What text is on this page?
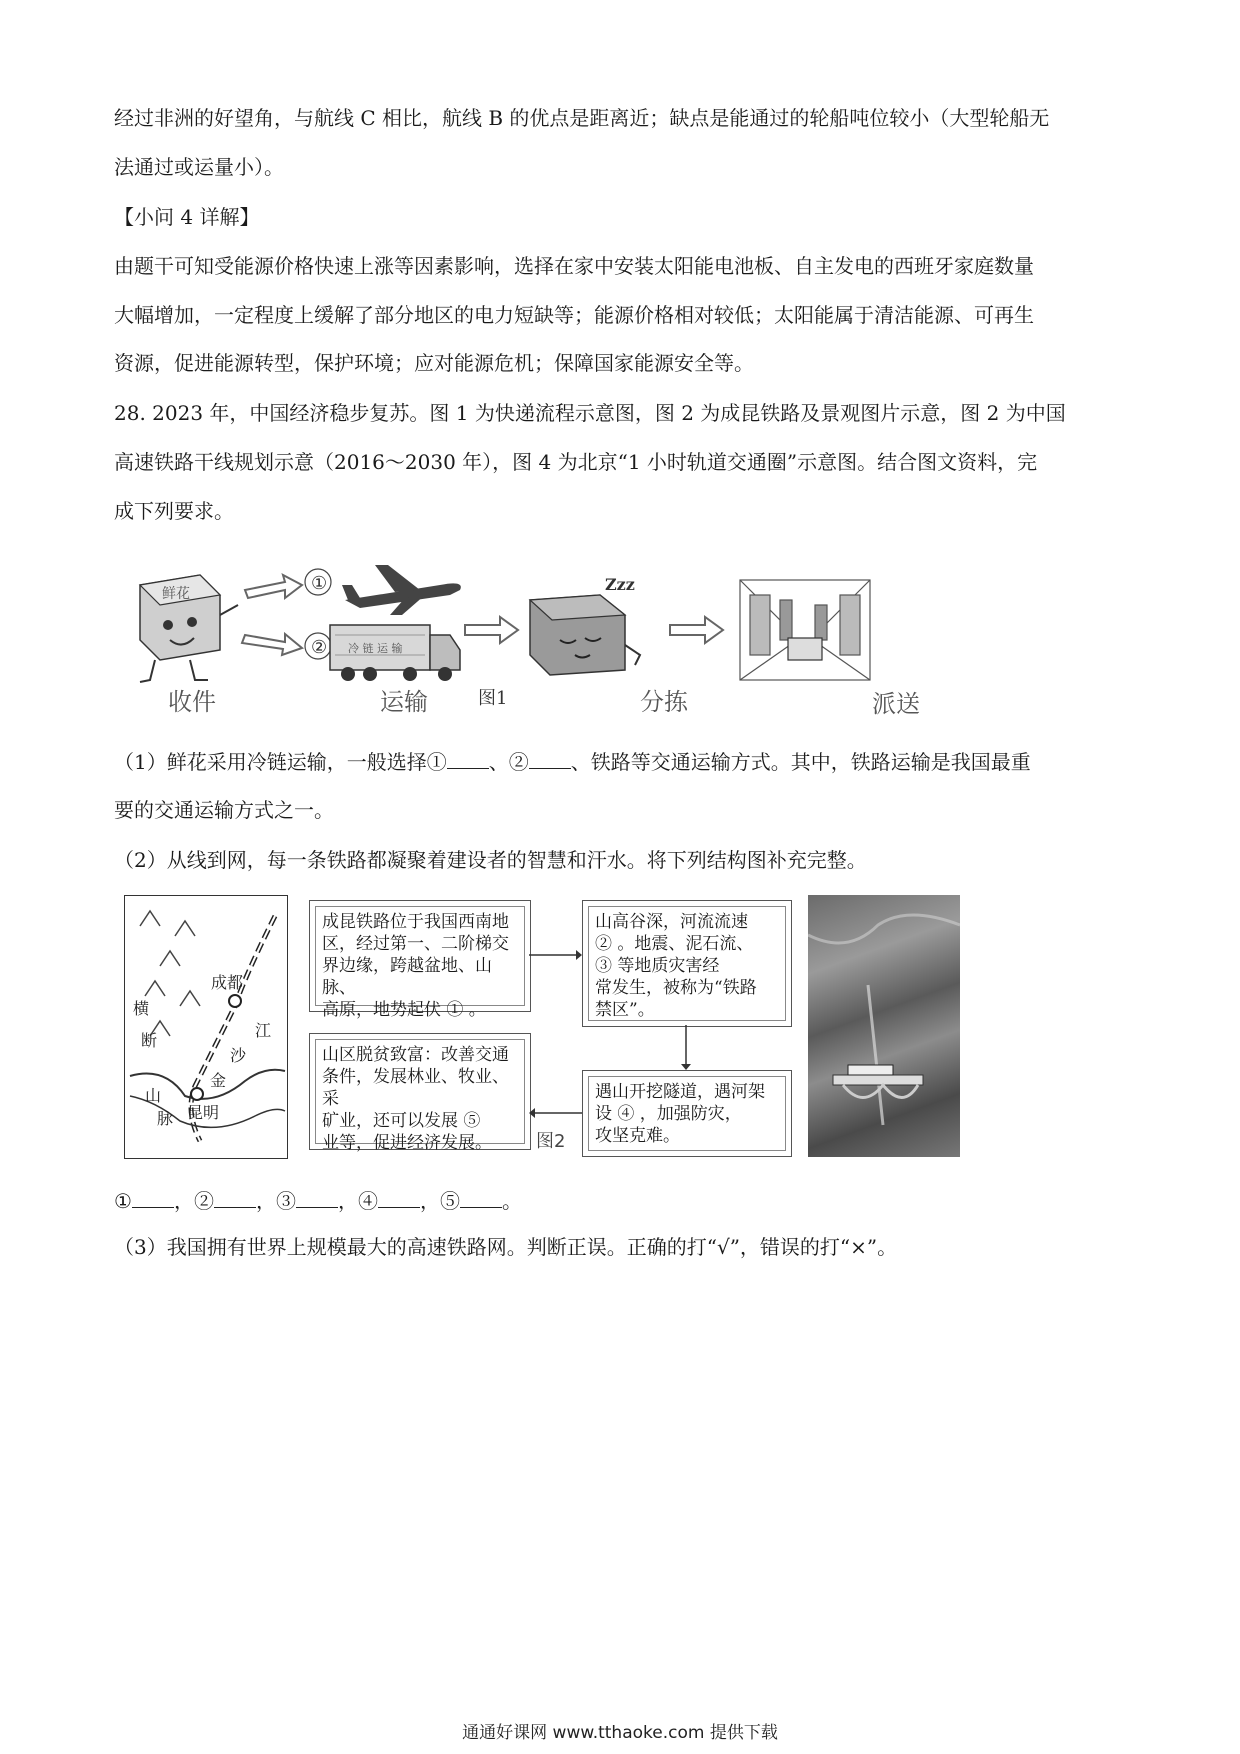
经过非洲的好望角，与航线 C 相比，航线 B 的优点是距离近；缺点是能通过的轮船吨位较小（大型轮船无
法通过或运量小）。
【小问 4 详解】
由题干可知受能源价格快速上涨等因素影响，选择在家中安装太阳能电池板、自主发电的西班牙家庭数量
大幅增加，一定程度上缓解了部分地区的电力短缺等；能源价格相对较低；太阳能属于清洁能源、可再生
资源，促进能源转型，保护环境；应对能源危机；保障国家能源安全等。
28. 2023 年，中国经济稳步复苏。图 1 为快递流程示意图，图 2 为成昆铁路及景观图片示意，图 2 为中国
高速铁路干线规划示意（2016～2030 年），图 4 为北京“1 小时轨道交通圈”示意图。结合图文资料，完
成下列要求。
鲜花	①
② 冷 链 运 输
Zzz
收件	运输	图1	分拣	派送
（1）鲜花采用冷链运输，一般选择① 、② 、铁路等交通运输方式。其中，铁路运输是我国最重
要的交通运输方式之一。
（2）从线到网，每一条铁路都凝聚着建设者的智慧和汗水。将下列结构图补充完整。
横
断
山
脉
成都
江
沙
金
昆明
成昆铁路位于我国西南地
区，经过第一、二阶梯交
界边缘，跨越盆地、山脉、
高原，地势起伏 ① 。
山高谷深，河流流速
② 。地震、泥石流、
③ 等地质灾害经
常发生，被称为“铁路
禁区”。
山区脱贫致富：改善交通
条件，发展林业、牧业、采
矿业，还可以发展 ⑤
业等，促进经济发展。
遇山开挖隧道，遇河架
设 ④ ，加强防灾，
攻坚克难。
图2
① ，② ，③ ，④ ，⑤ 。
（3）我国拥有世界上规模最大的高速铁路网。判断正误。正确的打“√”，错误的打“×”。
通通好课网 www.tthaoke.com 提供下载
